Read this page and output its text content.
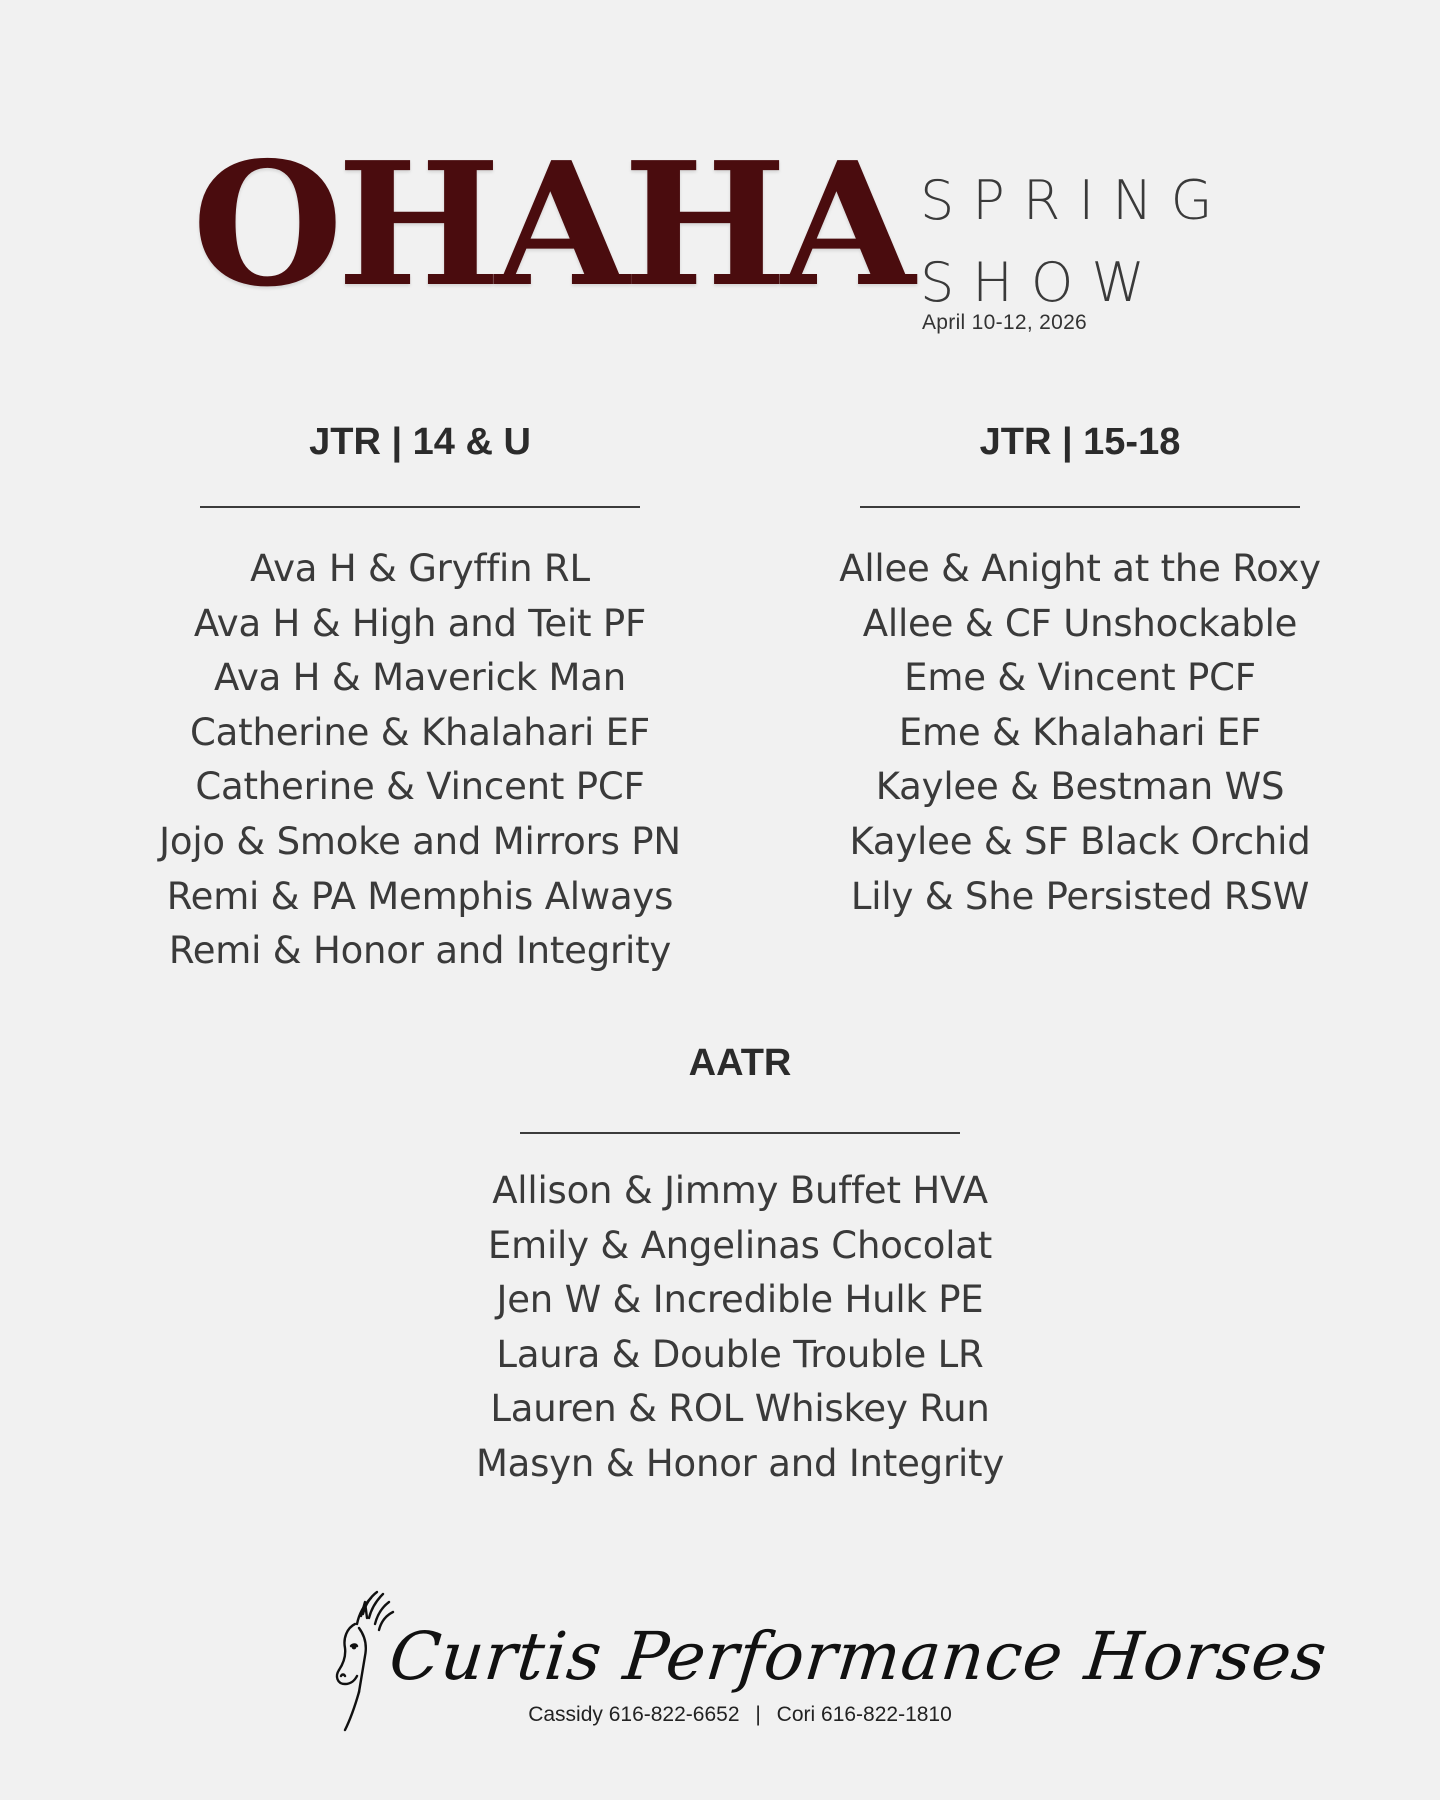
OHAHA SPRING
SHOW
April 10-12, 2026
JTR | 14 & U
Ava H & Gryffin RL
Ava H & High and Teit PF
Ava H & Maverick Man
Catherine & Khalahari EF
Catherine & Vincent PCF
Jojo & Smoke and Mirrors PN
Remi & PA Memphis Always
Remi & Honor and Integrity
JTR | 15-18
Allee & Anight at the Roxy
Allee & CF Unshockable
Eme & Vincent PCF
Eme & Khalahari EF
Kaylee & Bestman WS
Kaylee & SF Black Orchid
Lily & She Persisted RSW
AATR
Allison & Jimmy Buffet HVA
Emily & Angelinas Chocolat
Jen W & Incredible Hulk PE
Laura & Double Trouble LR
Lauren & ROL Whiskey Run
Masyn & Honor and Integrity
Curtis Performance Horses
Cassidy 616-822-6652 | Cori 616-822-1810
